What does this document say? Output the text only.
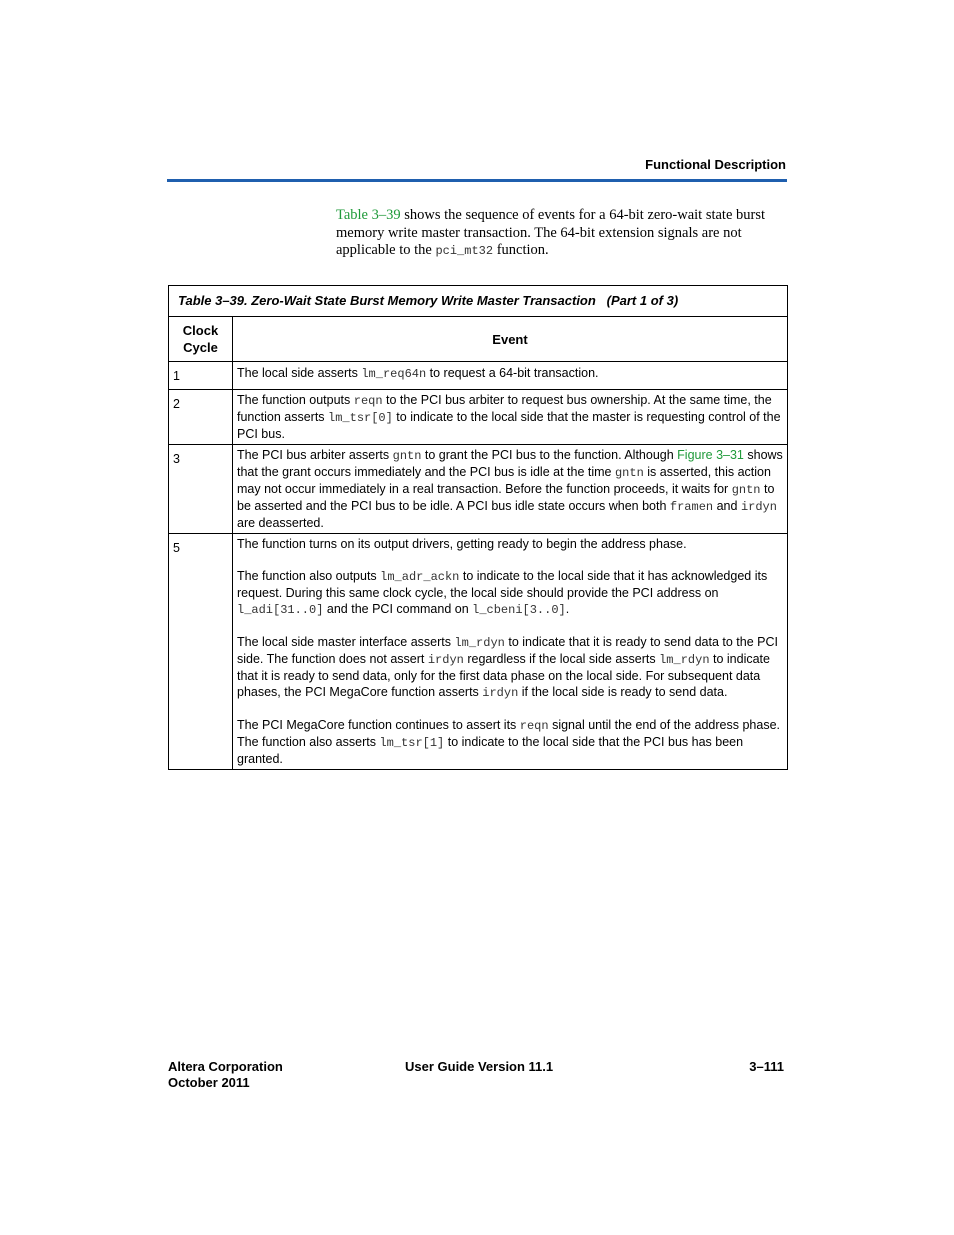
Functional Description

Table 3–39 shows the sequence of events for a 64-bit zero-wait state burst memory write master transaction. The 64-bit extension signals are not applicable to the pci_mt32 function.

Table 3–39. Zero-Wait State Burst Memory Write Master Transaction   (Part 1 of 3)	
Clock
Cycle	Event
1	The local side asserts lm_req64n to request a 64-bit transaction.
2	The function outputs reqn to the PCI bus arbiter to request bus ownership. At the same time, the function asserts lm_tsr[0] to indicate to the local side that the master is requesting control of the PCI bus.
3	The PCI bus arbiter asserts gntn to grant the PCI bus to the function. Although Figure 3–31 shows that the grant occurs immediately and the PCI bus is idle at the time gntn is asserted, this action may not occur immediately in a real transaction. Before the function proceeds, it waits for gntn to be asserted and the PCI bus to be idle. A PCI bus idle state occurs when both framen and irdyn are deasserted.
5	The function turns on its output drivers, getting ready to begin the address phase.

The function also outputs lm_adr_ackn to indicate to the local side that it has acknowledged its request. During this same clock cycle, the local side should provide the PCI address on l_adi[31..0] and the PCI command on l_cbeni[3..0].

The local side master interface asserts lm_rdyn to indicate that it is ready to send data to the PCI side. The function does not assert irdyn regardless if the local side asserts lm_rdyn to indicate that it is ready to send data, only for the first data phase on the local side. For subsequent data phases, the PCI MegaCore function asserts irdyn if the local side is ready to send data.

The PCI MegaCore function continues to assert its reqn signal until the end of the address phase. The function also asserts lm_tsr[1] to indicate to the local side that the PCI bus has been granted.

Altera Corporation
October 2011
User Guide Version 11.1	3–111
